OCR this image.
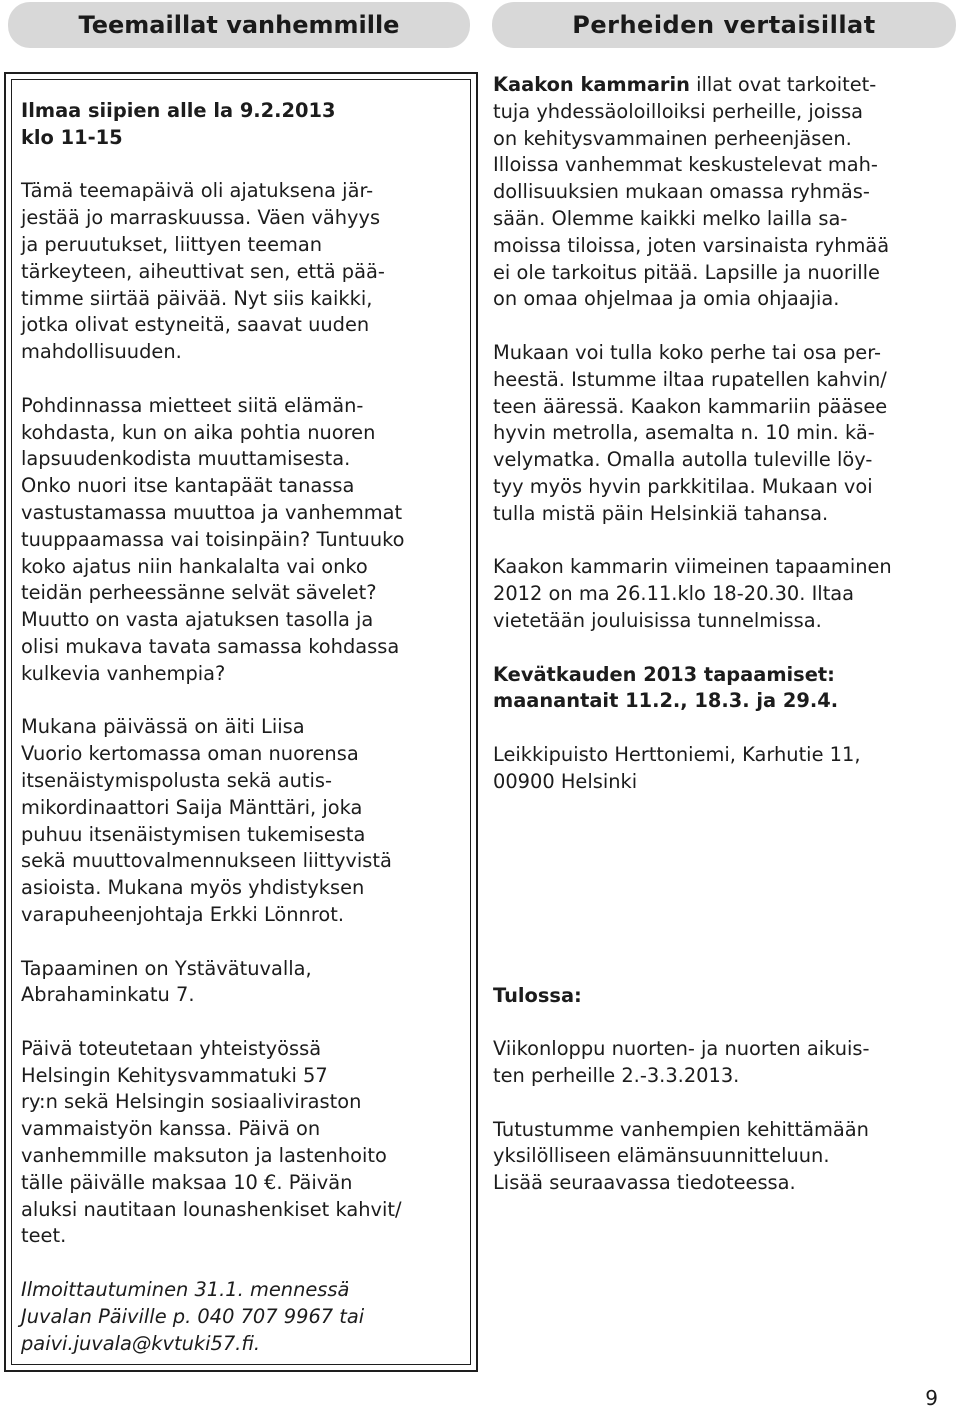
Teemaillat vanhemmille	Perheiden vertaisillat

Ilmaa siipien alle la 9.2.2013
klo 11-15

Tämä teemapäivä oli ajatuksena jär-
jestää jo marraskuussa. Väen vähyys
ja peruutukset, liittyen teeman
tärkeyteen, aiheuttivat sen, että pää-
timme siirtää päivää. Nyt siis kaikki,
jotka olivat estyneitä, saavat uuden
mahdollisuuden.

Pohdinnassa mietteet siitä elämän-
kohdasta, kun on aika pohtia nuoren
lapsuudenkodista muuttamisesta.
Onko nuori itse kantapäät tanassa
vastustamassa muuttoa ja vanhemmat
tuuppaamassa vai toisinpäin? Tuntuuko
koko ajatus niin hankalalta vai onko
teidän perheessänne selvät sävelet?
Muutto on vasta ajatuksen tasolla ja
olisi mukava tavata samassa kohdassa
kulkevia vanhempia?

Mukana päivässä on äiti Liisa
Vuorio kertomassa oman nuorensa
itsenäistymispolusta sekä autis-
mikordinaattori Saija Mänttäri, joka
puhuu itsenäistymisen tukemisesta
sekä muuttovalmennukseen liittyvistä
asioista. Mukana myös yhdistyksen
varapuheenjohtaja Erkki Lönnrot.

Tapaaminen on Ystävätuvalla,
Abrahaminkatu 7.

Päivä toteutetaan yhteistyössä
Helsingin Kehitysvammatuki 57
ry:n sekä Helsingin sosiaaliviraston
vammaistyön kanssa. Päivä on
vanhemmille maksuton ja lastenhoito
tälle päivälle maksaa 10 €. Päivän
aluksi nautitaan lounashenkiset kahvit/
teet.

Ilmoittautuminen 31.1. mennessä
Juvalan Päiville p. 040 707 9967 tai
paivi.juvala@kvtuki57.fi.

Kaakon kammarin illat ovat tarkoitet-
tuja yhdessäoloilloiksi perheille, joissa
on kehitysvammainen perheenjäsen.
Illoissa vanhemmat keskustelevat mah-
dollisuuksien mukaan omassa ryhmäs-
sään. Olemme kaikki melko lailla sa-
moissa tiloissa, joten varsinaista ryhmää
ei ole tarkoitus pitää. Lapsille ja nuorille
on omaa ohjelmaa ja omia ohjaajia.

Mukaan voi tulla koko perhe tai osa per-
heestä. Istumme iltaa rupatellen kahvin/
teen ääressä. Kaakon kammariin pääsee
hyvin metrolla, asemalta n. 10 min. kä-
velymatka. Omalla autolla tuleville löy-
tyy myös hyvin parkkitilaa. Mukaan voi
tulla mistä päin Helsinkiä tahansa.

Kaakon kammarin viimeinen tapaaminen
2012 on ma 26.11.klo 18-20.30. Iltaa
vietetään jouluisissa tunnelmissa.

Kevätkauden 2013 tapaamiset:
maanantait 11.2., 18.3. ja 29.4.

Leikkipuisto Herttoniemi, Karhutie 11,
00900 Helsinki

Tulossa:

Viikonloppu nuorten- ja nuorten aikuis-
ten perheille 2.-3.3.2013.

Tutustumme vanhempien kehittämään
yksilölliseen elämänsuunnitteluun.
Lisää seuraavassa tiedoteessa.

9
